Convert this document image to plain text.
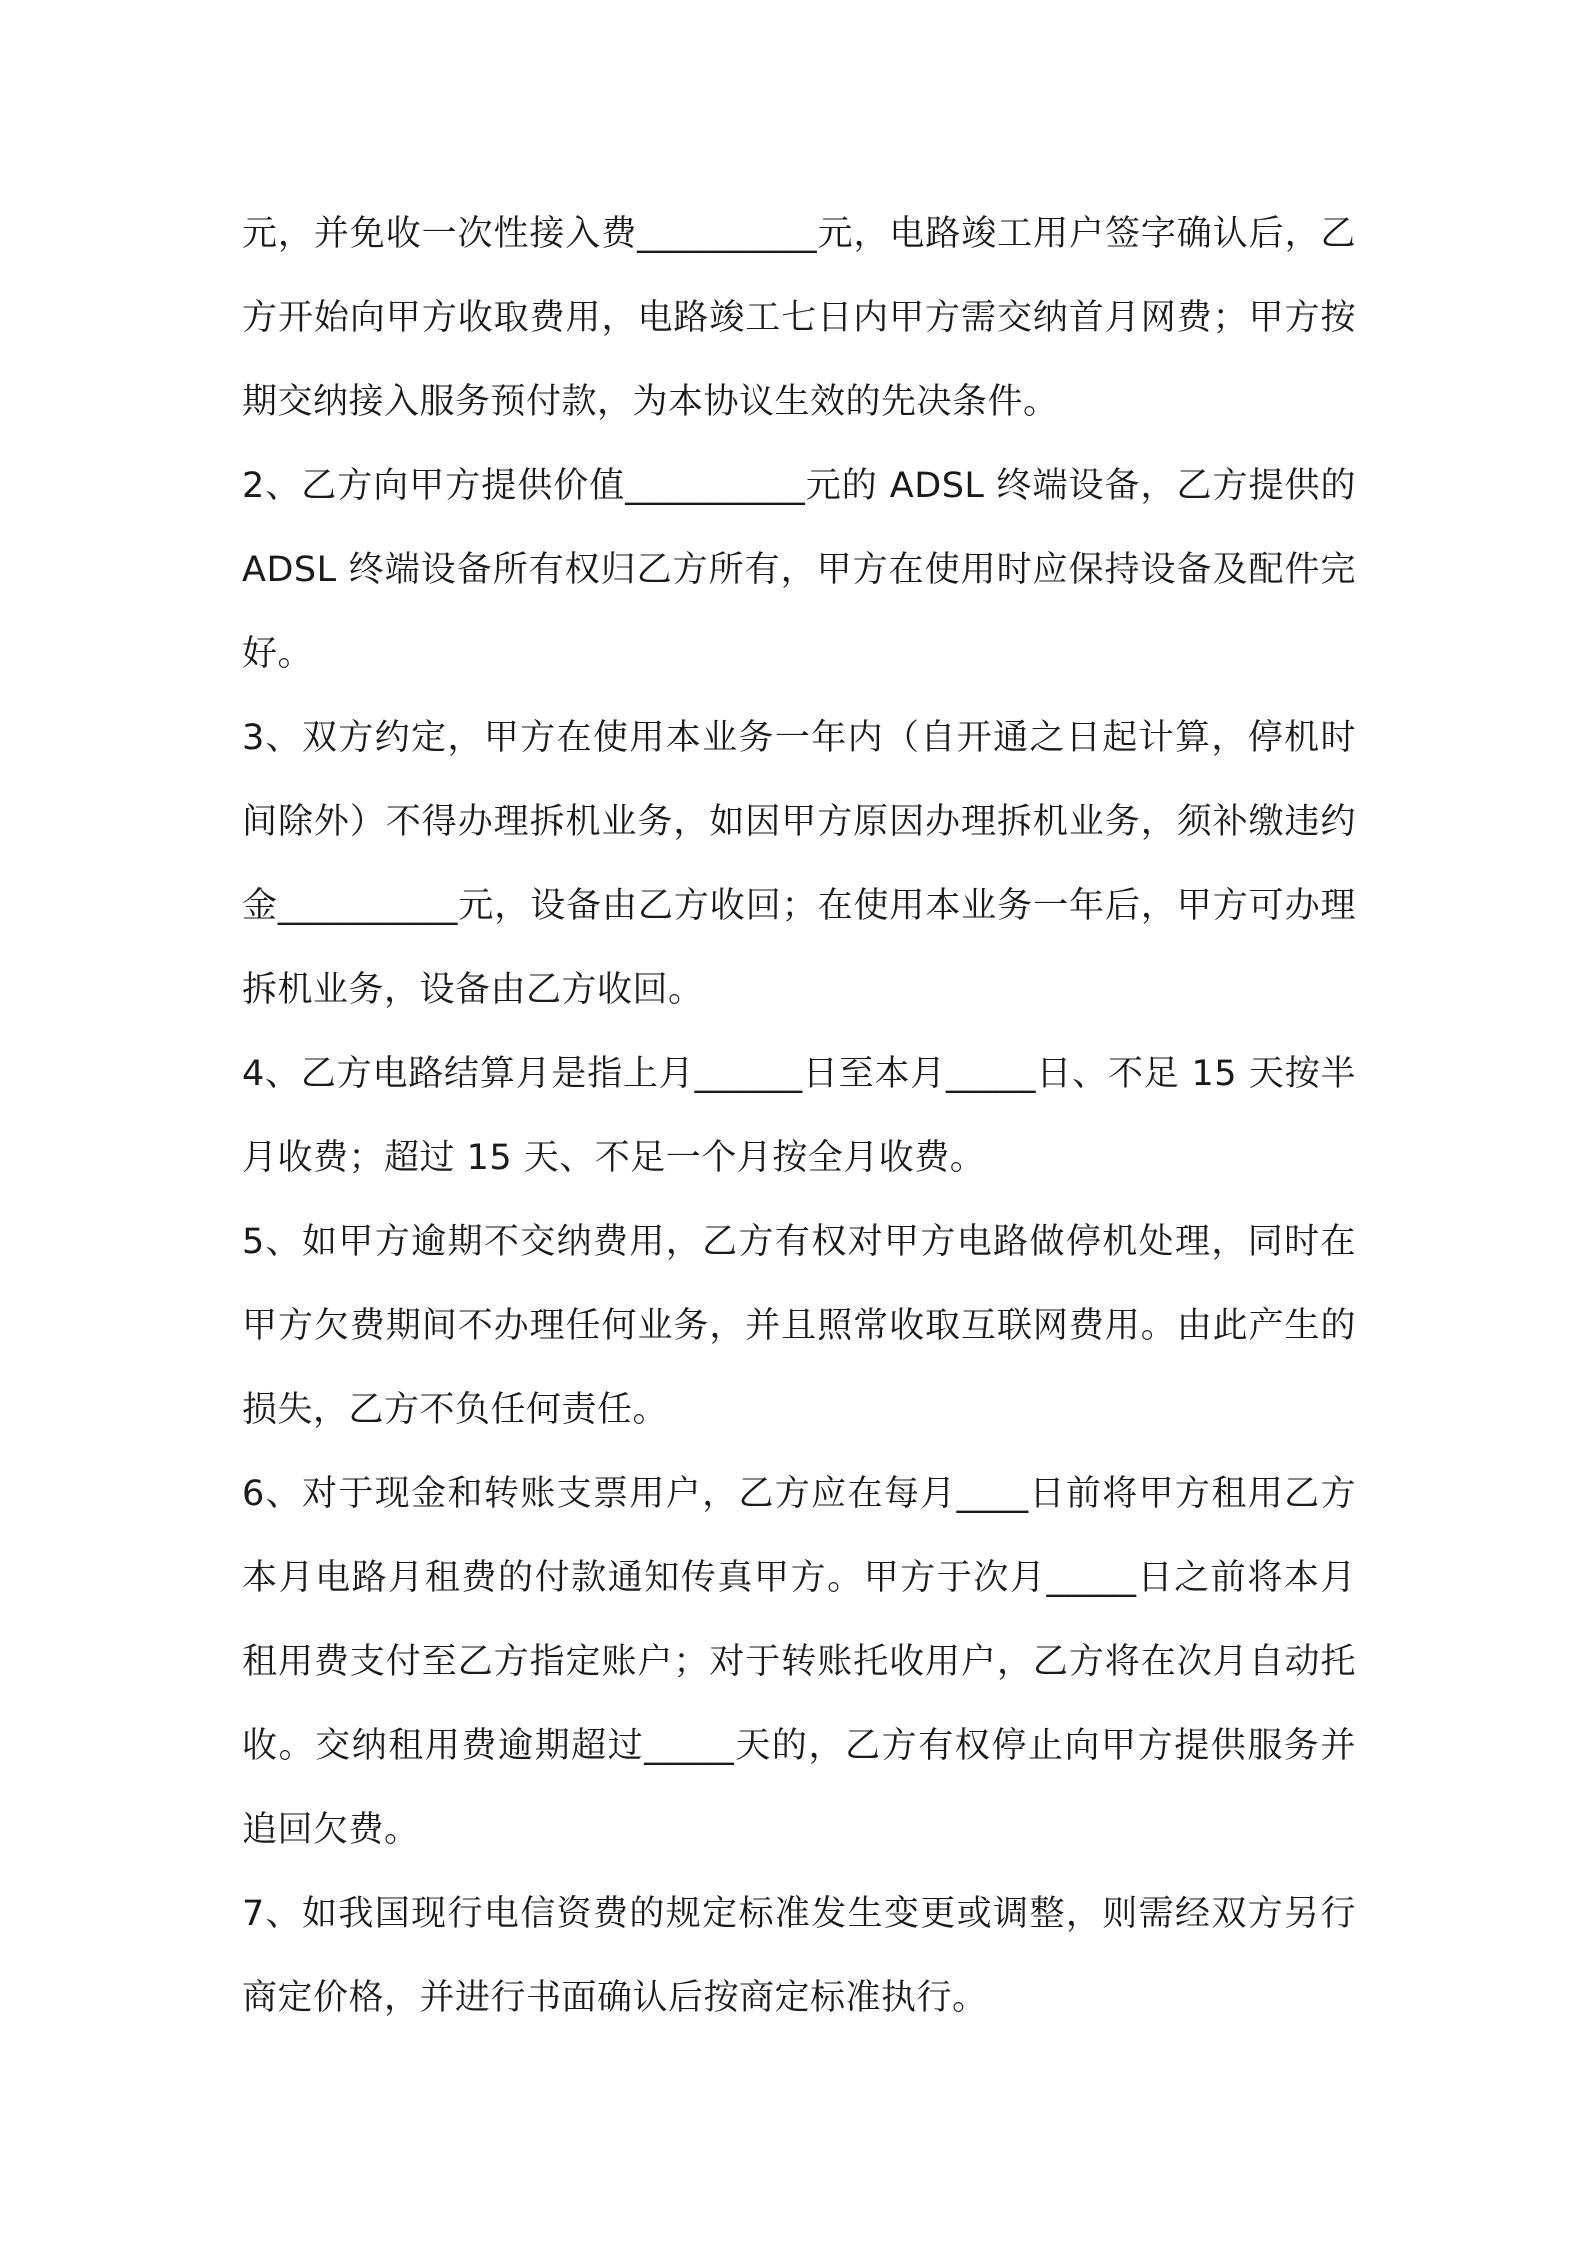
元，并免收一次性接入费__________元，电路竣工用户签字确认后，乙方开始向甲方收取费用，电路竣工七日内甲方需交纳首月网费；甲方按期交纳接入服务预付款，为本协议生效的先决条件。

2、乙方向甲方提供价值__________元的 ADSL 终端设备，乙方提供的 ADSL 终端设备所有权归乙方所有，甲方在使用时应保持设备及配件完好。

3、双方约定，甲方在使用本业务一年内（自开通之日起计算，停机时间除外）不得办理拆机业务，如因甲方原因办理拆机业务，须补缴违约金__________元，设备由乙方收回；在使用本业务一年后，甲方可办理拆机业务，设备由乙方收回。

4、乙方电路结算月是指上月______日至本月_____日、不足 15 天按半月收费；超过 15 天、不足一个月按全月收费。

5、如甲方逾期不交纳费用，乙方有权对甲方电路做停机处理，同时在甲方欠费期间不办理任何业务，并且照常收取互联网费用。由此产生的损失，乙方不负任何责任。

6、对于现金和转账支票用户，乙方应在每月____日前将甲方租用乙方本月电路月租费的付款通知传真甲方。甲方于次月_____日之前将本月租用费支付至乙方指定账户；对于转账托收用户，乙方将在次月自动托收。交纳租用费逾期超过_____天的，乙方有权停止向甲方提供服务并追回欠费。

7、如我国现行电信资费的规定标准发生变更或调整，则需经双方另行商定价格，并进行书面确认后按商定标准执行。
